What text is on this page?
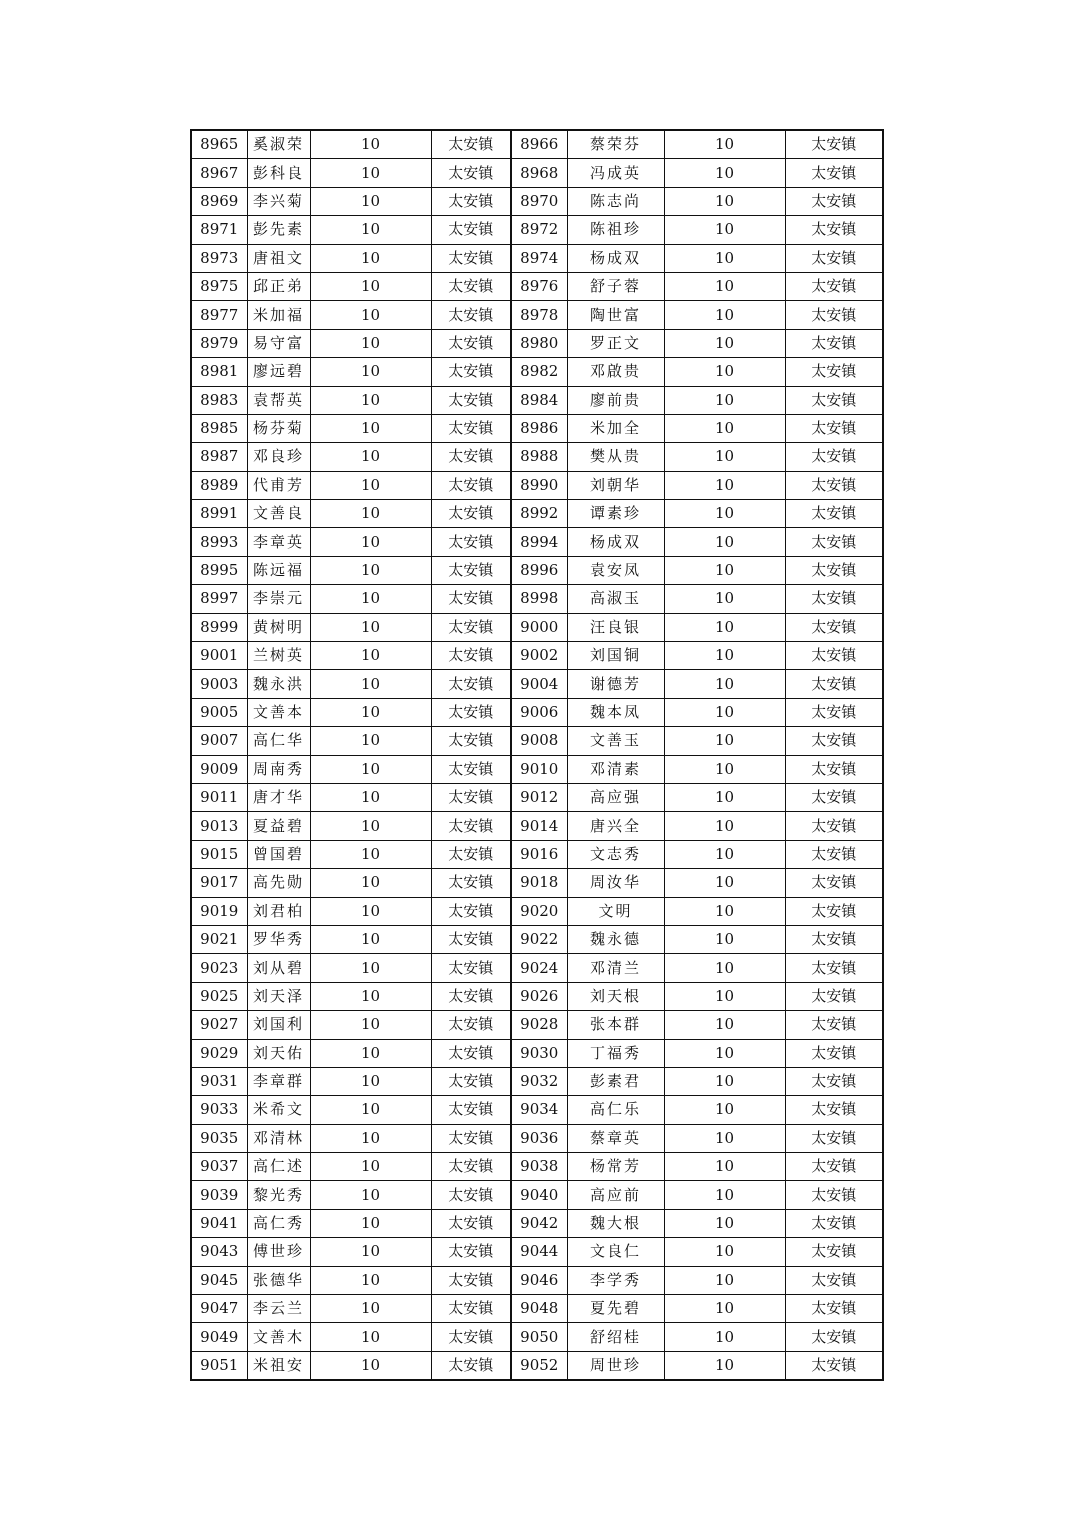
8965	奚淑荣	10	太安镇	8966	蔡荣芬	10	太安镇
8967	彭科良	10	太安镇	8968	冯成英	10	太安镇
8969	李兴菊	10	太安镇	8970	陈志尚	10	太安镇
8971	彭先素	10	太安镇	8972	陈祖珍	10	太安镇
8973	唐祖文	10	太安镇	8974	杨成双	10	太安镇
8975	邱正弟	10	太安镇	8976	舒子蓉	10	太安镇
8977	米加福	10	太安镇	8978	陶世富	10	太安镇
8979	易守富	10	太安镇	8980	罗正文	10	太安镇
8981	廖远碧	10	太安镇	8982	邓啟贵	10	太安镇
8983	袁帮英	10	太安镇	8984	廖前贵	10	太安镇
8985	杨芬菊	10	太安镇	8986	米加全	10	太安镇
8987	邓良珍	10	太安镇	8988	樊从贵	10	太安镇
8989	代甫芳	10	太安镇	8990	刘朝华	10	太安镇
8991	文善良	10	太安镇	8992	谭素珍	10	太安镇
8993	李章英	10	太安镇	8994	杨成双	10	太安镇
8995	陈远福	10	太安镇	8996	袁安凤	10	太安镇
8997	李崇元	10	太安镇	8998	高淑玉	10	太安镇
8999	黄树明	10	太安镇	9000	汪良银	10	太安镇
9001	兰树英	10	太安镇	9002	刘国铜	10	太安镇
9003	魏永洪	10	太安镇	9004	谢德芳	10	太安镇
9005	文善本	10	太安镇	9006	魏本凤	10	太安镇
9007	高仁华	10	太安镇	9008	文善玉	10	太安镇
9009	周南秀	10	太安镇	9010	邓清素	10	太安镇
9011	唐才华	10	太安镇	9012	高应强	10	太安镇
9013	夏益碧	10	太安镇	9014	唐兴全	10	太安镇
9015	曾国碧	10	太安镇	9016	文志秀	10	太安镇
9017	高先勋	10	太安镇	9018	周汝华	10	太安镇
9019	刘君柏	10	太安镇	9020	文明	10	太安镇
9021	罗华秀	10	太安镇	9022	魏永德	10	太安镇
9023	刘从碧	10	太安镇	9024	邓清兰	10	太安镇
9025	刘天泽	10	太安镇	9026	刘天根	10	太安镇
9027	刘国利	10	太安镇	9028	张本群	10	太安镇
9029	刘天佑	10	太安镇	9030	丁福秀	10	太安镇
9031	李章群	10	太安镇	9032	彭素君	10	太安镇
9033	米希文	10	太安镇	9034	高仁乐	10	太安镇
9035	邓清林	10	太安镇	9036	蔡章英	10	太安镇
9037	高仁述	10	太安镇	9038	杨常芳	10	太安镇
9039	黎光秀	10	太安镇	9040	高应前	10	太安镇
9041	高仁秀	10	太安镇	9042	魏大根	10	太安镇
9043	傅世珍	10	太安镇	9044	文良仁	10	太安镇
9045	张德华	10	太安镇	9046	李学秀	10	太安镇
9047	李云兰	10	太安镇	9048	夏先碧	10	太安镇
9049	文善木	10	太安镇	9050	舒绍桂	10	太安镇
9051	米祖安	10	太安镇	9052	周世珍	10	太安镇
